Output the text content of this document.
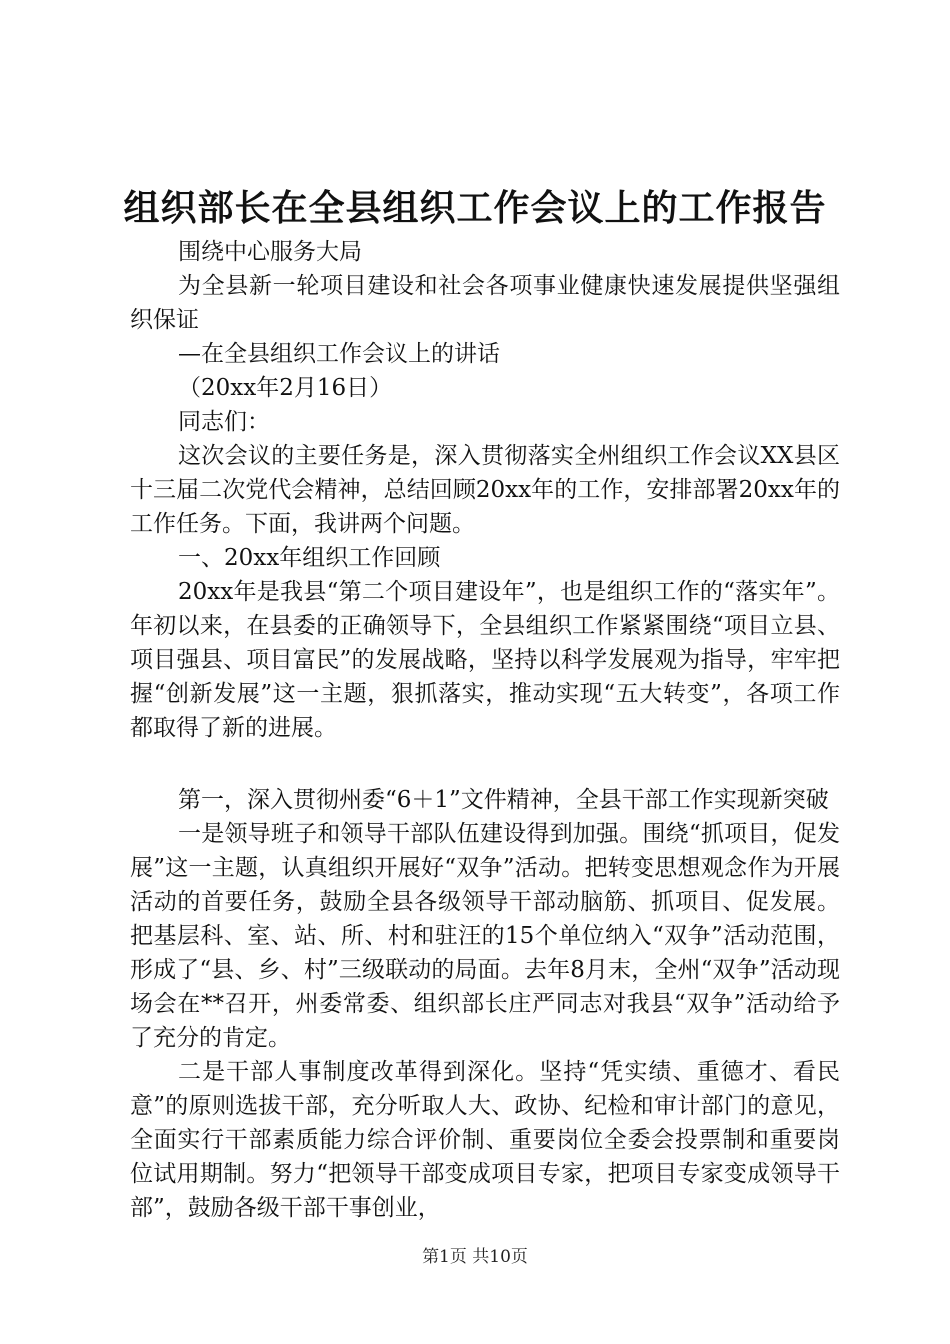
组织部长在全县组织工作会议上的工作报告

围绕中心服务大局

为全县新一轮项目建设和社会各项事业健康快速发展提供坚强组织保证

—在全县组织工作会议上的讲话

（20xx年2月16日）

同志们：

这次会议的主要任务是，深入贯彻落实全州组织工作会议XX县区十三届二次党代会精神，总结回顾20xx年的工作，安排部署20xx年的工作任务。下面，我讲两个问题。

一、20xx年组织工作回顾

20xx年是我县“第二个项目建设年”，也是组织工作的“落实年”。年初以来，在县委的正确领导下，全县组织工作紧紧围绕“项目立县、项目强县、项目富民”的发展战略，坚持以科学发展观为指导，牢牢把握“创新发展”这一主题，狠抓落实，推动实现“五大转变”，各项工作都取得了新的进展。

第一，深入贯彻州委“6＋1”文件精神，全县干部工作实现新突破

一是领导班子和领导干部队伍建设得到加强。围绕“抓项目，促发展”这一主题，认真组织开展好“双争”活动。把转变思想观念作为开展活动的首要任务，鼓励全县各级领导干部动脑筋、抓项目、促发展。把基层科、室、站、所、村和驻汪的15个单位纳入“双争”活动范围，形成了“县、乡、村”三级联动的局面。去年8月末，全州“双争”活动现场会在**召开，州委常委、组织部长庄严同志对我县“双争”活动给予了充分的肯定。

二是干部人事制度改革得到深化。坚持“凭实绩、重德才、看民意”的原则选拔干部，充分听取人大、政协、纪检和审计部门的意见，全面实行干部素质能力综合评价制、重要岗位全委会投票制和重要岗位试用期制。努力“把领导干部变成项目专家，把项目专家变成领导干部”，鼓励各级干部干事创业，

第1页 共10页
